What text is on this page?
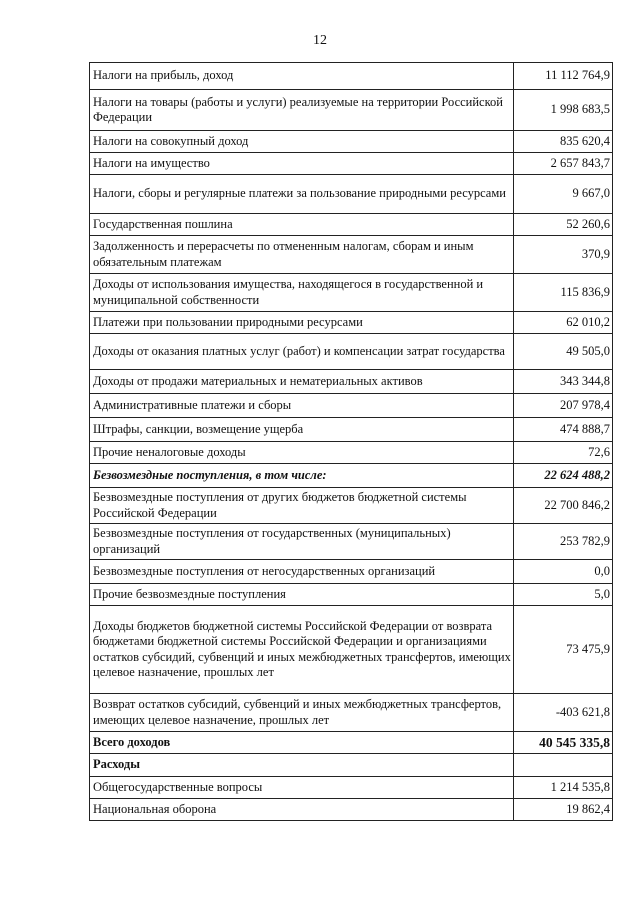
12
Налоги на прибыль, доход	11 112 764,9
Налоги на товары (работы и услуги) реализуемые на территории Российской Федерации	1 998 683,5
Налоги на совокупный доход	835 620,4
Налоги на имущество	2 657 843,7
Налоги, сборы и регулярные платежи за пользование природными ресурсами	9 667,0
Государственная пошлина	52 260,6
Задолженность и перерасчеты по отмененным налогам, сборам и иным обязательным платежам	370,9
Доходы от использования имущества, находящегося в государственной и муниципальной собственности	115 836,9
Платежи при пользовании природными ресурсами	62 010,2
Доходы от оказания платных услуг (работ) и компенсации затрат государства	49 505,0
Доходы от продажи материальных и нематериальных активов	343 344,8
Административные платежи и сборы	207 978,4
Штрафы, санкции, возмещение ущерба	474 888,7
Прочие неналоговые доходы	72,6
Безвозмездные поступления, в том числе:	22 624 488,2
Безвозмездные поступления от других бюджетов бюджетной системы Российской Федерации	22 700 846,2
Безвозмездные поступления от государственных (муниципальных) организаций	253 782,9
Безвозмездные поступления от негосударственных организаций	0,0
Прочие безвозмездные поступления	5,0
Доходы бюджетов бюджетной системы Российской Федерации от возврата бюджетами бюджетной системы Российской Федерации и организациями остатков субсидий, субвенций и иных межбюджетных трансфертов, имеющих целевое назначение, прошлых лет	73 475,9
Возврат остатков субсидий, субвенций и иных межбюджетных трансфертов, имеющих целевое назначение, прошлых лет	-403 621,8
Всего доходов	40 545 335,8
Расходы	
Общегосударственные вопросы	1 214 535,8
Национальная оборона	19 862,4
